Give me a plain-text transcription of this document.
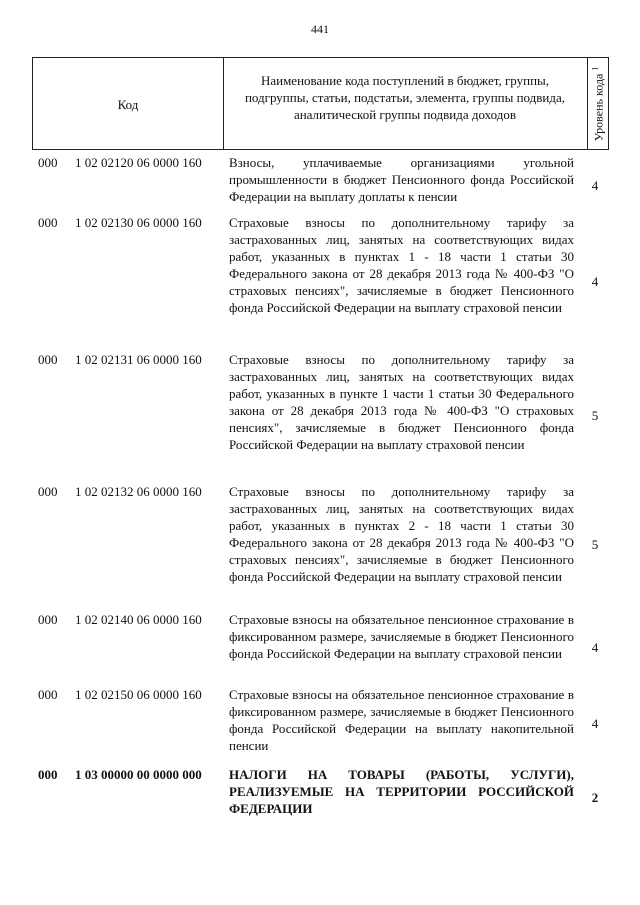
441
Код
Наименование кода поступлений в бюджет, группы, подгруппы, статьи, подстатьи, элемента, группы подвида, аналитической группы подвида доходов	Уровень кода $^1$
000 1 02 02120 06 0000 160 Взносы, уплачиваемые организациями угольной промышленности в бюджет Пенсионного фонда Российской Федерации на выплату доплаты к пенсии
4
000 1 02 02130 06 0000 160 Страховые взносы по дополнительному тарифу за застрахованных лиц, занятых на соответствующих видах работ, указанных в пунктах 1 - 18 части 1 статьи 30 Федерального закона от 28 декабря 2013 года № 400-ФЗ "О страховых пенсиях", зачисляемые в бюджет Пенсионного фонда Российской Федерации на выплату страховой пенсии
4
000 1 02 02131 06 0000 160 Страховые взносы по дополнительному тарифу за застрахованных лиц, занятых на соответствующих видах работ, указанных в пункте 1 части 1 статьи 30 Федерального закона от 28 декабря 2013 года № 400-ФЗ "О страховых пенсиях", зачисляемые в бюджет Пенсионного фонда Российской Федерации на выплату страховой пенсии
5
000 1 02 02132 06 0000 160 Страховые взносы по дополнительному тарифу за застрахованных лиц, занятых на соответствующих видах работ, указанных в пунктах 2 - 18 части 1 статьи 30 Федерального закона от 28 декабря 2013 года № 400-ФЗ "О страховых пенсиях", зачисляемые в бюджет Пенсионного фонда Российской Федерации на выплату страховой пенсии
5
000 1 02 02140 06 0000 160 Страховые взносы на обязательное пенсионное страхование в фиксированном размере, зачисляемые в бюджет Пенсионного фонда Российской Федерации на выплату страховой пенсии	4
000 1 02 02150 06 0000 160 Страховые взносы на обязательное пенсионное страхование в фиксированном размере, зачисляемые в бюджет Пенсионного фонда Российской Федерации на выплату накопительной пенсии
4
000 1 03 00000 00 0000 000 НАЛОГИ НА ТОВАРЫ (РАБОТЫ, УСЛУГИ), РЕАЛИЗУЕМЫЕ НА ТЕРРИТОРИИ РОССИЙСКОЙ ФЕДЕРАЦИИ
2
